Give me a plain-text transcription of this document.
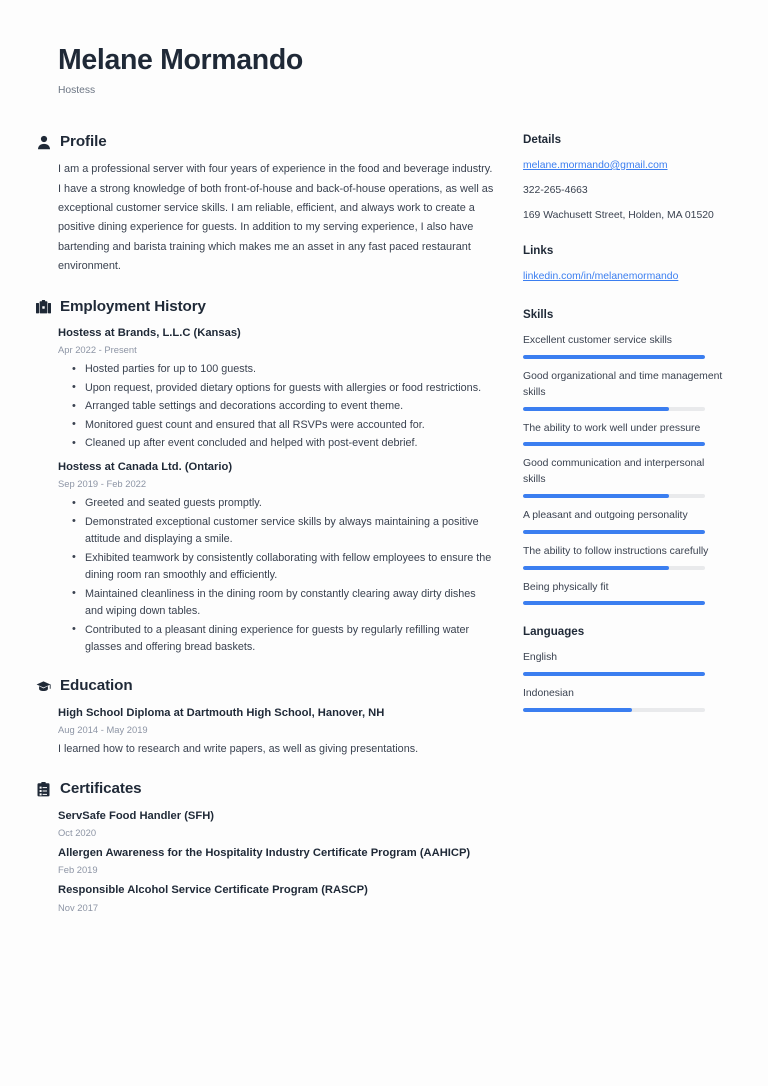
Melane Mormando
Hostess
Profile

I am a professional server with four years of experience in the food and beverage industry. I have a strong knowledge of both front-of-house and back-of-house operations, as well as exceptional customer service skills. I am reliable, efficient, and always work to create a positive dining experience for guests. In addition to my serving experience, I also have bartending and barista training which makes me an asset in any fast paced restaurant environment.

Employment History
Hostess at Brands, L.L.C (Kansas)
Apr 2022 - Present
• Hosted parties for up to 100 guests.
• Upon request, provided dietary options for guests with allergies or food restrictions.
• Arranged table settings and decorations according to event theme.
• Monitored guest count and ensured that all RSVPs were accounted for.
• Cleaned up after event concluded and helped with post-event debrief.
Hostess at Canada Ltd. (Ontario)
Sep 2019 - Feb 2022
• Greeted and seated guests promptly.
• Demonstrated exceptional customer service skills by always maintaining a positive attitude and displaying a smile.
• Exhibited teamwork by consistently collaborating with fellow employees to ensure the dining room ran smoothly and efficiently.
• Maintained cleanliness in the dining room by constantly clearing away dirty dishes and wiping down tables.
• Contributed to a pleasant dining experience for guests by regularly refilling water glasses and offering bread baskets.
Education
High School Diploma at Dartmouth High School, Hanover, NH
Aug 2014 - May 2019
I learned how to research and write papers, as well as giving presentations.
Certificates
ServSafe Food Handler (SFH)
Oct 2020
Allergen Awareness for the Hospitality Industry Certificate Program (AAHICP)
Feb 2019
Responsible Alcohol Service Certificate Program (RASCP)
Nov 2017
Details
melane.mormando@gmail.com
322-265-4663
169 Wachusett Street, Holden, MA 01520
Links
linkedin.com/in/melanemormando
Skills
Excellent customer service skills
Good organizational and time management skills
The ability to work well under pressure
Good communication and interpersonal skills
A pleasant and outgoing personality
The ability to follow instructions carefully
Being physically fit
Languages
English
Indonesian
